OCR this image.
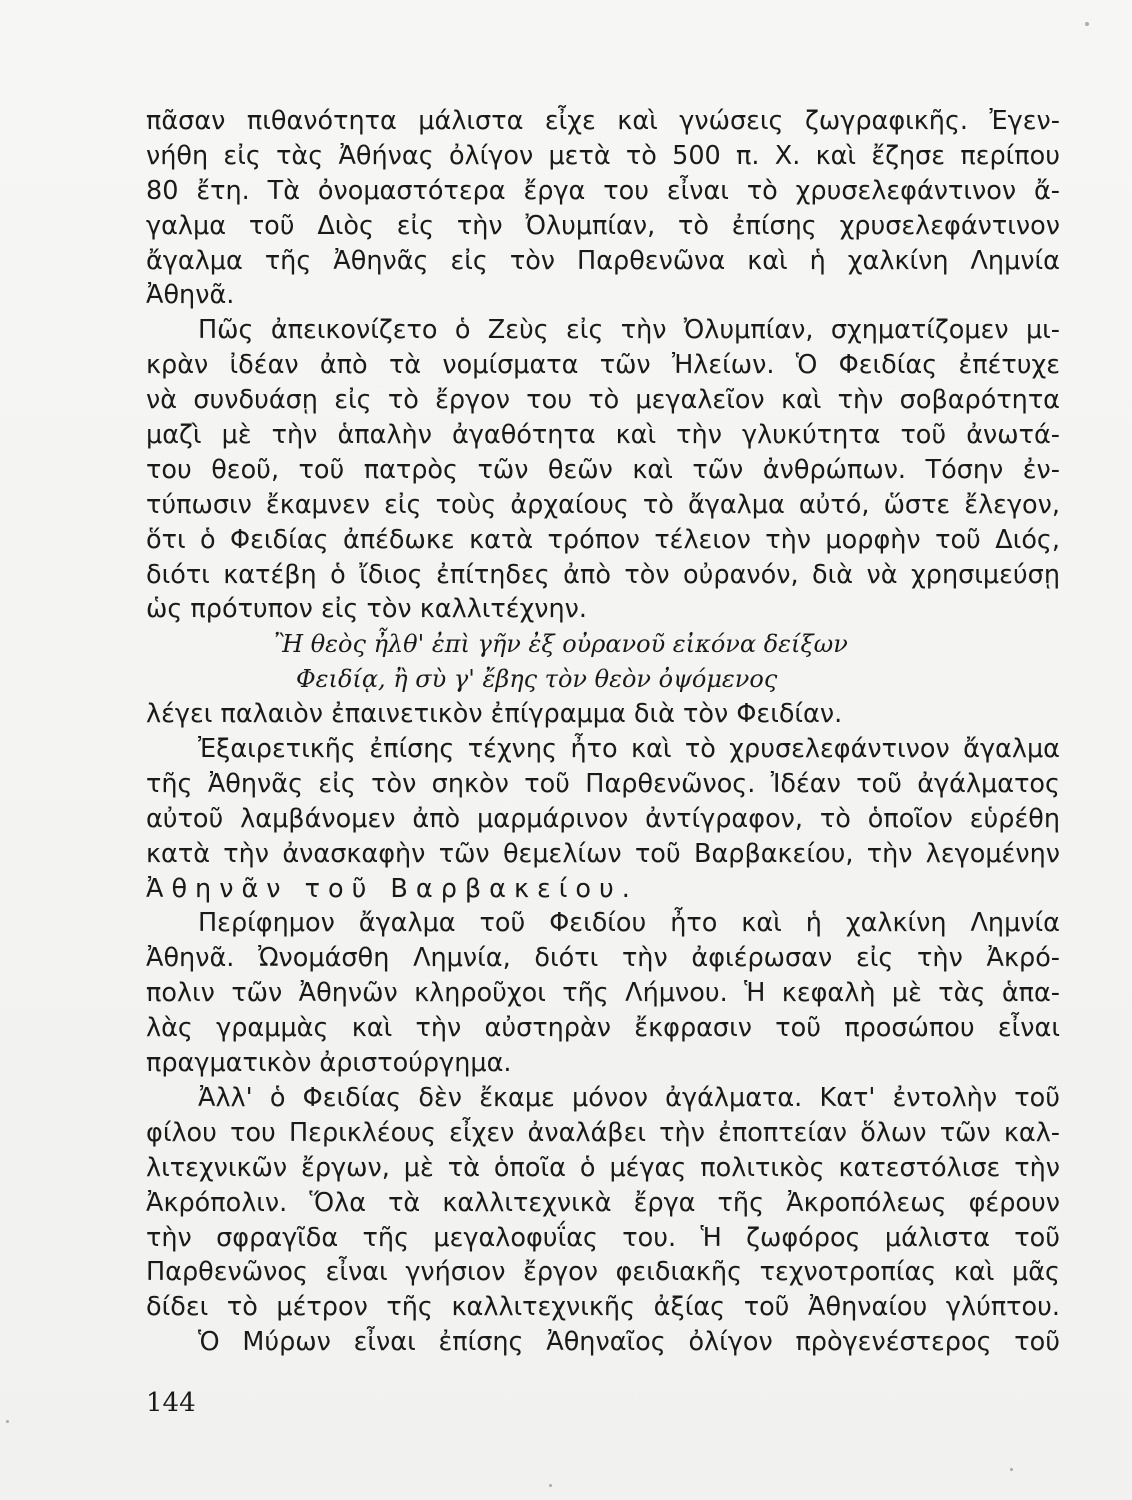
πᾶσαν πιθανότητα μάλιστα εἶχε καὶ γνώσεις ζωγραφικῆς. Ἐγεν-
νήθη εἰς τὰς Ἀθήνας ὀλίγον μετὰ τὸ 500 π. Χ. καὶ ἔζησε περίπου
80 ἔτη. Τὰ ὀνομαστότερα ἔργα του εἶναι τὸ χρυσελεφάντινον ἄ-
γαλμα τοῦ Διὸς εἰς τὴν Ὀλυμπίαν, τὸ ἐπίσης χρυσελεφάντινον
ἄγαλμα τῆς Ἀθηνᾶς εἰς τὸν Παρθενῶνα καὶ ἡ χαλκίνη Λημνία
Ἀθηνᾶ.
Πῶς ἀπεικονίζετο ὁ Ζεὺς εἰς τὴν Ὀλυμπίαν, σχηματίζομεν μι-
κρὰν ἰδέαν ἀπὸ τὰ νομίσματα τῶν Ἠλείων. Ὁ Φειδίας ἐπέτυχε
νὰ συνδυάσῃ εἰς τὸ ἔργον του τὸ μεγαλεῖον καὶ τὴν σοβαρότητα
μαζὶ μὲ τὴν ἁπαλὴν ἀγαθότητα καὶ τὴν γλυκύτητα τοῦ ἀνωτά-
του θεοῦ, τοῦ πατρὸς τῶν θεῶν καὶ τῶν ἀνθρώπων. Τόσην ἐν-
τύπωσιν ἔκαμνεν εἰς τοὺς ἀρχαίους τὸ ἄγαλμα αὐτό, ὥστε ἔλεγον,
ὅτι ὁ Φειδίας ἀπέδωκε κατὰ τρόπον τέλειον τὴν μορφὴν τοῦ Διός,
διότι κατέβη ὁ ἴδιος ἐπίτηδες ἀπὸ τὸν οὐρανόν, διὰ νὰ χρησιμεύσῃ
ὡς πρότυπον εἰς τὸν καλλιτέχνην.
Ἢ θεὸς ἦλθ' ἐπὶ γῆν ἐξ οὐρανοῦ εἰκόνα δείξων
Φειδίᾳ, ἢ σὺ γ' ἔβης τὸν θεὸν ὀψόμενος
λέγει παλαιὸν ἐπαινετικὸν ἐπίγραμμα διὰ τὸν Φειδίαν.
Ἐξαιρετικῆς ἐπίσης τέχνης ἦτο καὶ τὸ χρυσελεφάντινον ἄγαλμα
τῆς Ἀθηνᾶς εἰς τὸν σηκὸν τοῦ Παρθενῶνος. Ἰδέαν τοῦ ἀγάλματος
αὐτοῦ λαμβάνομεν ἀπὸ μαρμάρινον ἀντίγραφον, τὸ ὁποῖον εὑρέθη
κατὰ τὴν ἀνασκαφὴν τῶν θεμελίων τοῦ Βαρβακείου, τὴν λεγομένην
Ἀθηνᾶν τοῦ Βαρβακείου.
Περίφημον ἄγαλμα τοῦ Φειδίου ἦτο καὶ ἡ χαλκίνη Λημνία
Ἀθηνᾶ. Ὠνομάσθη Λημνία, διότι τὴν ἀφιέρωσαν εἰς τὴν Ἀκρό-
πολιν τῶν Ἀθηνῶν κληροῦχοι τῆς Λήμνου. Ἡ κεφαλὴ μὲ τὰς ἁπα-
λὰς γραμμὰς καὶ τὴν αὐστηρὰν ἔκφρασιν τοῦ προσώπου εἶναι
πραγματικὸν ἀριστούργημα.
Ἀλλ' ὁ Φειδίας δὲν ἔκαμε μόνον ἀγάλματα. Κατ' ἐντολὴν τοῦ
φίλου του Περικλέους εἶχεν ἀναλάβει τὴν ἐποπτείαν ὅλων τῶν καλ-
λιτεχνικῶν ἔργων, μὲ τὰ ὁποῖα ὁ μέγας πολιτικὸς κατεστόλισε τὴν
Ἀκρόπολιν. Ὅλα τὰ καλλιτεχνικὰ ἔργα τῆς Ἀκροπόλεως φέρουν
τὴν σφραγῖδα τῆς μεγαλοφυΐας του. Ἡ ζωφόρος μάλιστα τοῦ
Παρθενῶνος εἶναι γνήσιον ἔργον φειδιακῆς τεχνοτροπίας καὶ μᾶς
δίδει τὸ μέτρον τῆς καλλιτεχνικῆς ἀξίας τοῦ Ἀθηναίου γλύπτου.
Ὁ Μύρων εἶναι ἐπίσης Ἀθηναῖος ὀλίγον πρὸγενέστερος τοῦ
144
